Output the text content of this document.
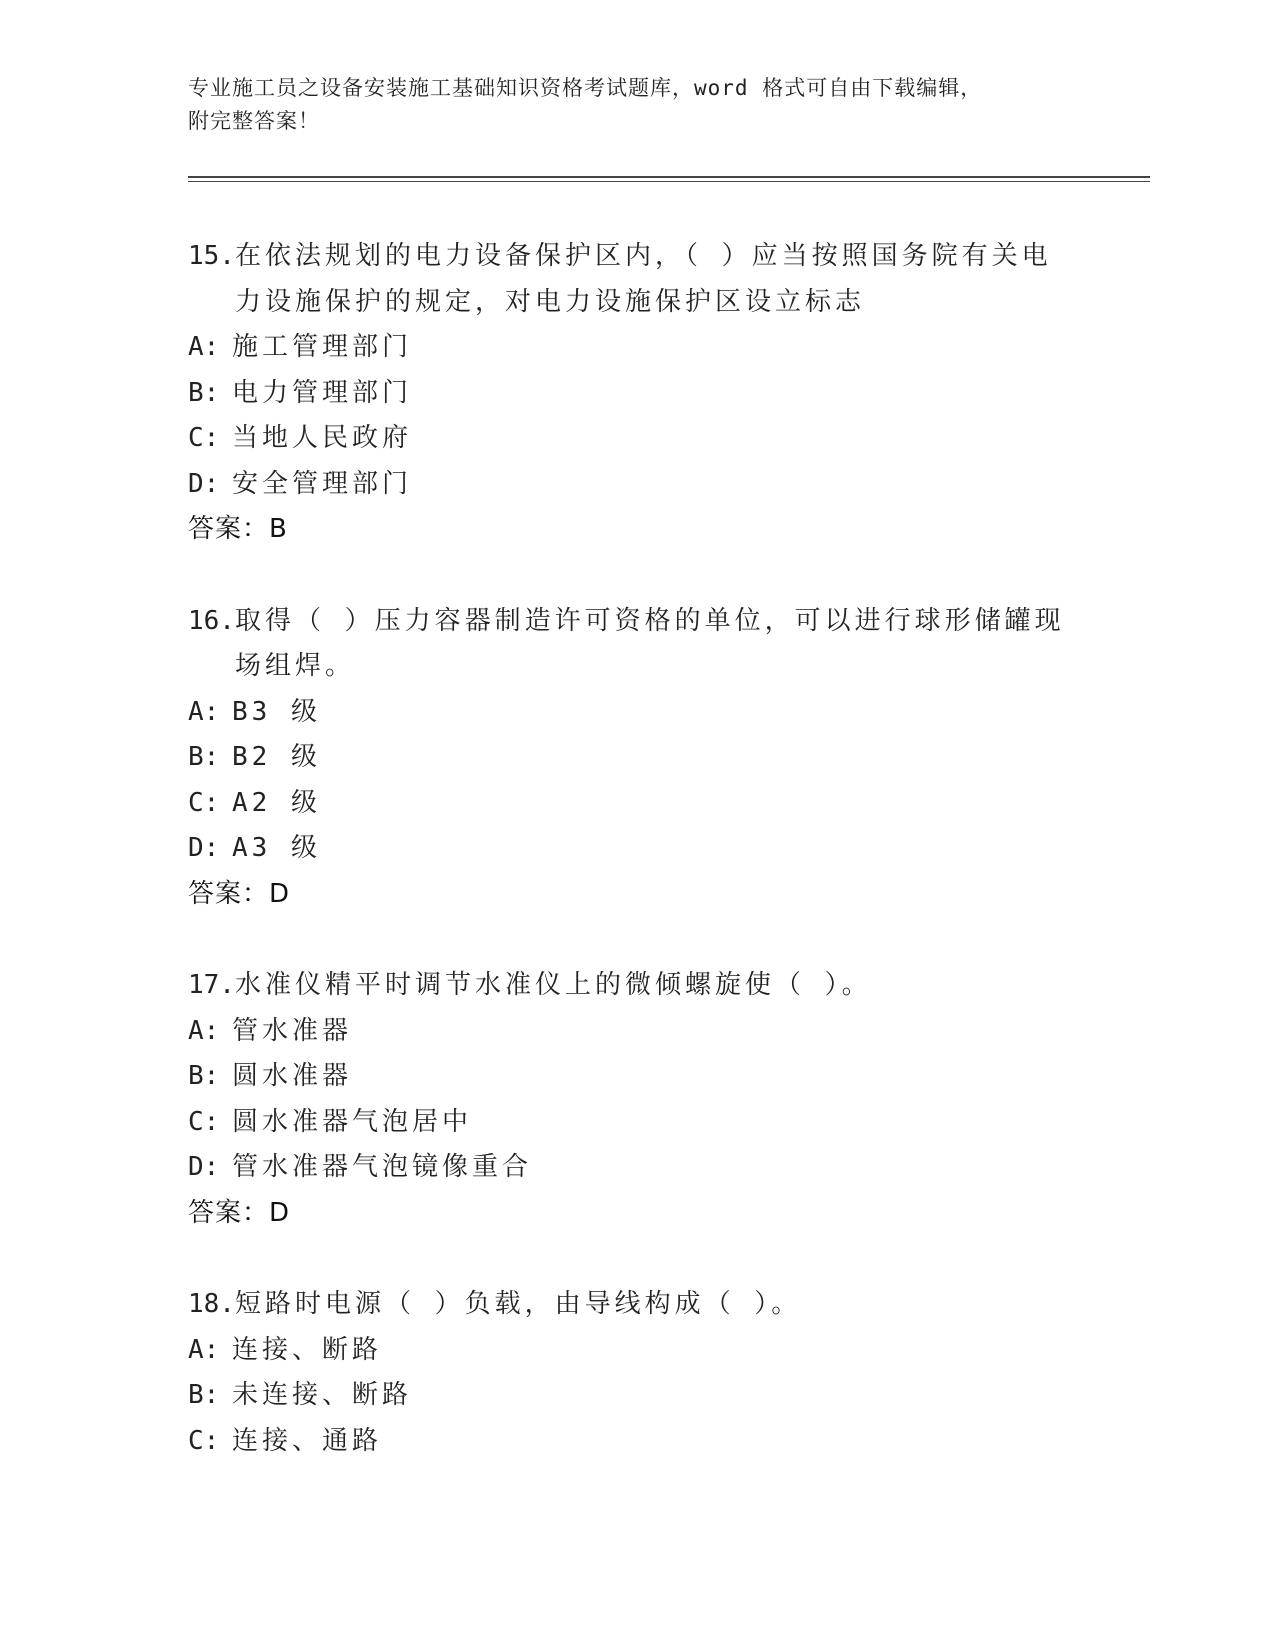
专业施工员之设备安装施工基础知识资格考试题库，word 格式可自由下载编辑，
附完整答案！
15. 在依法规划的电力设备保护区内，（ ）应当按照国务院有关电力设施保护的规定，对电力设施保护区设立标志
A: 施工管理部门
B: 电力管理部门
C: 当地人民政府
D: 安全管理部门
答案：B
16. 取得（ ）压力容器制造许可资格的单位，可以进行球形储罐现场组焊。
A: B3 级
B: B2 级
C: A2 级
D: A3 级
答案：D
17. 水准仪精平时调节水准仪上的微倾螺旋使（ ）。
A: 管水准器
B: 圆水准器
C: 圆水准器气泡居中
D: 管水准器气泡镜像重合
答案：D
18. 短路时电源（ ）负载，由导线构成（ ）。
A: 连接、断路
B: 未连接、断路
C: 连接、通路
